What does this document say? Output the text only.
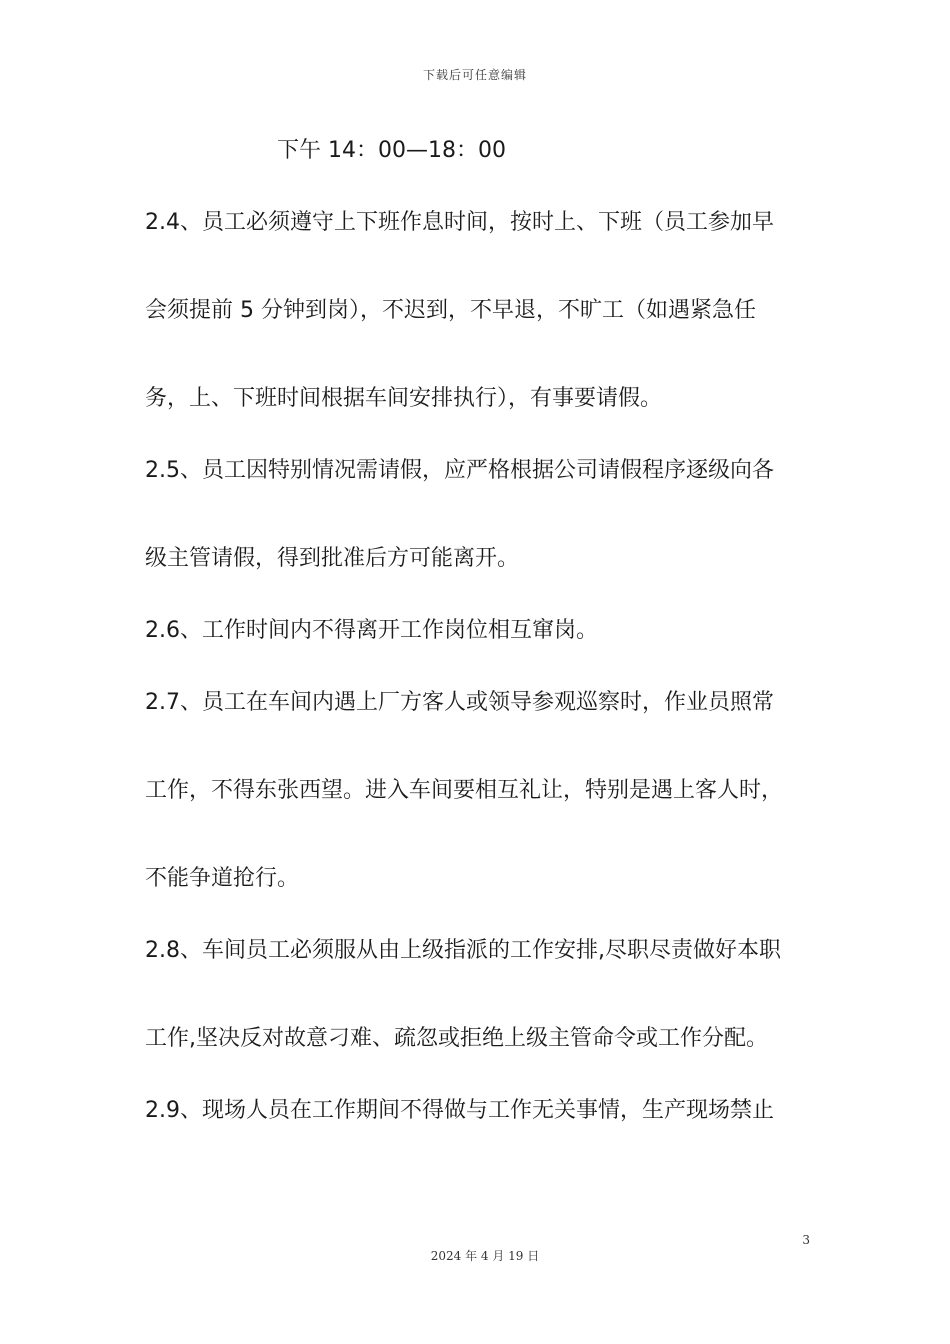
下载后可任意编辑
下午 14：00—18：00
2.4、员工必须遵守上下班作息时间，按时上、下班（员工参加早
会须提前 5 分钟到岗），不迟到，不早退，不旷工（如遇紧急任
务，上、下班时间根据车间安排执行），有事要请假。
2.5、员工因特别情况需请假，应严格根据公司请假程序逐级向各
级主管请假，得到批准后方可能离开。
2.6、工作时间内不得离开工作岗位相互窜岗。
2.7、员工在车间内遇上厂方客人或领导参观巡察时，作业员照常
工作，不得东张西望。进入车间要相互礼让，特别是遇上客人时，
不能争道抢行。
2.8、车间员工必须服从由上级指派的工作安排,尽职尽责做好本职
工作,坚决反对故意刁难、疏忽或拒绝上级主管命令或工作分配。
2.9、现场人员在工作期间不得做与工作无关事情，生产现场禁止
3
2024 年 4 月 19 日
